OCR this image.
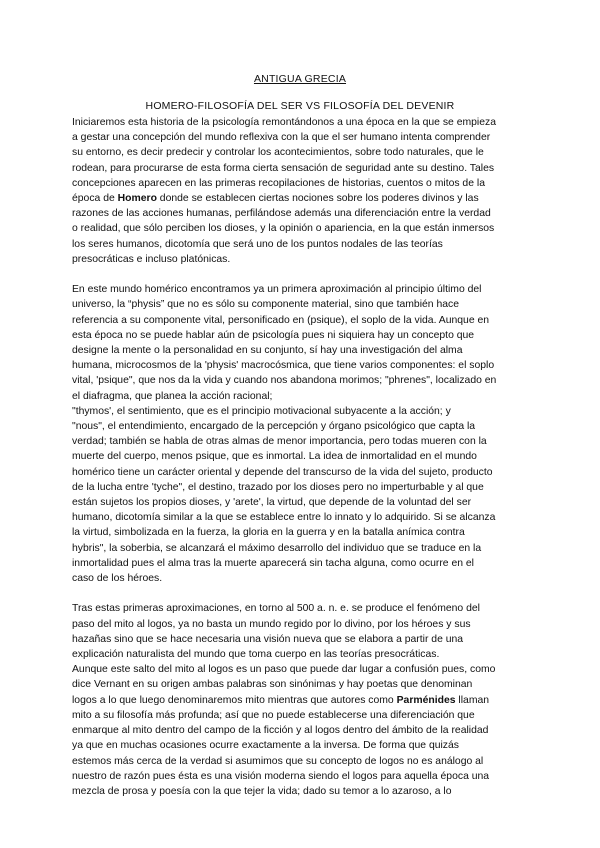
ANTIGUA GRECIA
HOMERO-FILOSOFÍA DEL SER VS FILOSOFÍA DEL DEVENIR
Iniciaremos esta historia de la psicología remontándonos a una época en la que se empieza
a gestar una concepción del mundo reflexiva con la que el ser humano intenta comprender
su entorno, es decir predecir y controlar los acontecimientos, sobre todo naturales, que le
rodean, para procurarse de esta forma cierta sensación de seguridad ante su destino. Tales
concepciones aparecen en las primeras recopilaciones de historias, cuentos o mitos de la
época de Homero donde se establecen ciertas nociones sobre los poderes divinos y las
razones de las acciones humanas, perfilándose además una diferenciación entre la verdad
o realidad, que sólo perciben los dioses, y la opinión o apariencia, en la que están inmersos
los seres humanos, dicotomía que será uno de los puntos nodales de las teorías
presocráticas e incluso platónicas.
En este mundo homérico encontramos ya un primera aproximación al principio último del
universo, la “physis” que no es sólo su componente material, sino que también hace
referencia a su componente vital, personificado en (psique), el soplo de la vida. Aunque en
esta época no se puede hablar aún de psicología pues ni siquiera hay un concepto que
designe la mente o la personalidad en su conjunto, sí hay una investigación del alma
humana, microcosmos de la 'physis' macrocósmica, que tiene varios componentes: el soplo
vital, 'psique", que nos da la vida y cuando nos abandona morimos; "phrenes", localizado en
el diafragma, que planea la acción racional;
"thymos', el sentimiento, que es el principio motivacional subyacente a la acción; y
"nous", el entendimiento, encargado de la percepción y órgano psicológico que capta la
verdad; también se habla de otras almas de menor importancia, pero todas mueren con la
muerte del cuerpo, menos psique, que es inmortal. La idea de inmortalidad en el mundo
homérico tiene un carácter oriental y depende del transcurso de la vida del sujeto, producto
de la lucha entre 'tyche", el destino, trazado por los dioses pero no imperturbable y al que
están sujetos los propios dioses, y 'arete', la virtud, que depende de la voluntad del ser
humano, dicotomía similar a la que se establece entre lo innato y lo adquirido. Si se alcanza
la virtud, simbolizada en la fuerza, la gloria en la guerra y en la batalla anímica contra
hybris", la soberbia, se alcanzará el máximo desarrollo del individuo que se traduce en la
inmortalidad pues el alma tras la muerte aparecerá sin tacha alguna, como ocurre en el
caso de los héroes.
Tras estas primeras aproximaciones, en torno al 500 a. n. e. se produce el fenómeno del
paso del mito al logos, ya no basta un mundo regido por lo divino, por los héroes y sus
hazañas sino que se hace necesaria una visión nueva que se elabora a partir de una
explicación naturalista del mundo que toma cuerpo en las teorías presocráticas.
Aunque este salto del mito al logos es un paso que puede dar lugar a confusión pues, como
dice Vernant en su origen ambas palabras son sinónimas y hay poetas que denominan
logos a lo que luego denominaremos mito mientras que autores como Parménides llaman
mito a su filosofía más profunda; así que no puede establecerse una diferenciación que
enmarque al mito dentro del campo de la ficción y al logos dentro del ámbito de la realidad
ya que en muchas ocasiones ocurre exactamente a la inversa. De forma que quizás
estemos más cerca de la verdad si asumimos que su concepto de logos no es análogo al
nuestro de razón pues ésta es una visión moderna siendo el logos para aquella época una
mezcla de prosa y poesía con la que tejer la vida; dado su temor a lo azaroso, a lo
